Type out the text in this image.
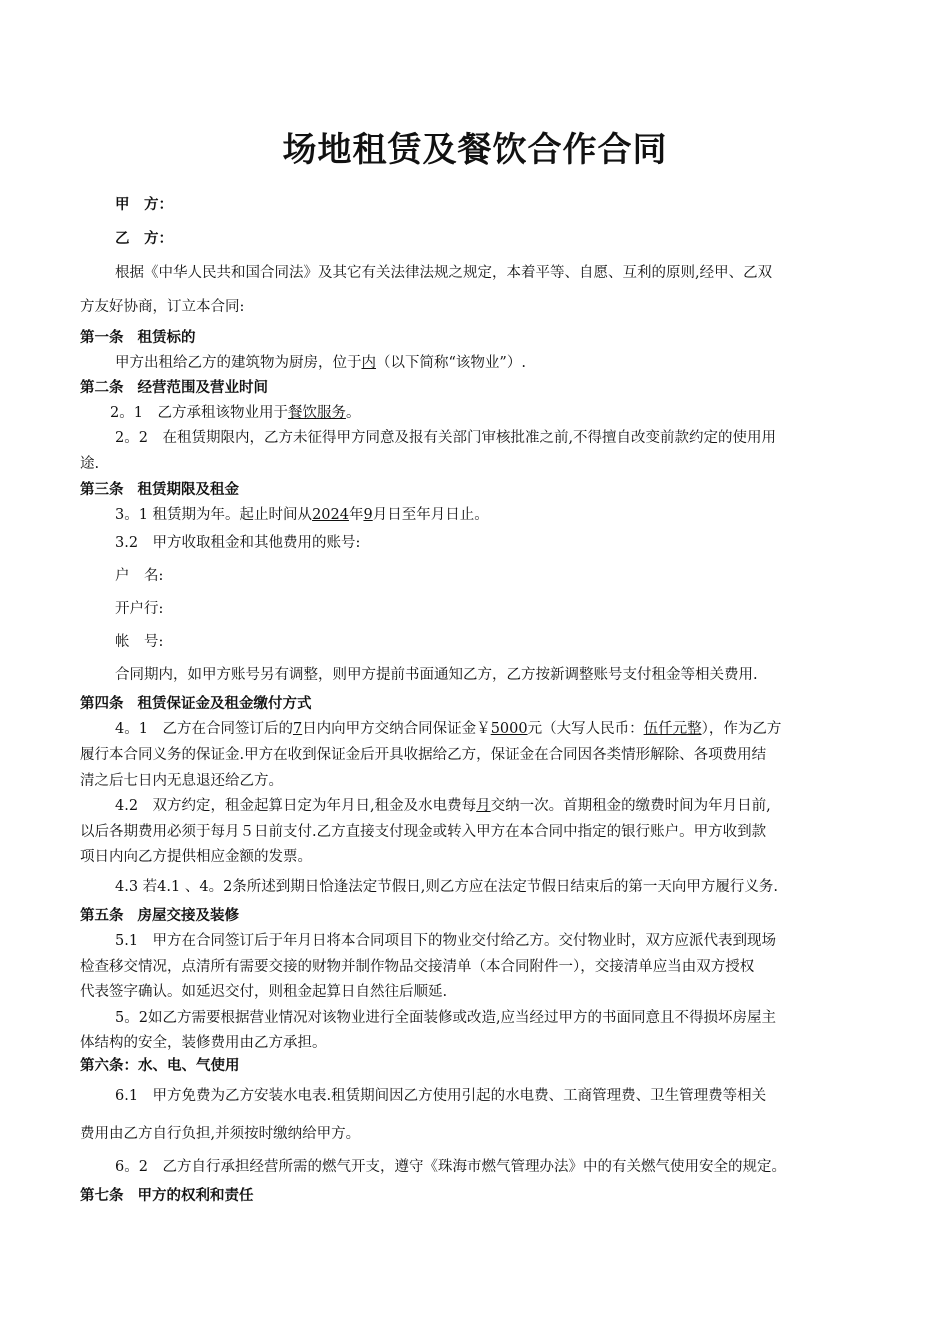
场地租赁及餐饮合作合同
甲　方：
乙　方：
根据《中华人民共和国合同法》及其它有关法律法规之规定，本着平等、自愿、互利的原则,经甲、乙双
方友好协商，订立本合同:
第一条 租赁标的
甲方出租给乙方的建筑物为厨房，位于内（以下简称“该物业”）.
第二条 经营范围及营业时间
2。1　乙方承租该物业用于餐饮服务。
2。2　在租赁期限内，乙方未征得甲方同意及报有关部门审核批准之前,不得擅自改变前款约定的使用用
途.
第三条 租赁期限及租金
3。1 租赁期为年。起止时间从2024年9月日至年月日止。
3.2　甲方收取租金和其他费用的账号:
户　名:
开户行:
帐　号:
合同期内，如甲方账号另有调整，则甲方提前书面通知乙方，乙方按新调整账号支付租金等相关费用.
第四条 租赁保证金及租金缴付方式
4。1　乙方在合同签订后的7日内向甲方交纳合同保证金￥5000元（大写人民币：伍仟元整），作为乙方
履行本合同义务的保证金.甲方在收到保证金后开具收据给乙方，保证金在合同因各类情形解除、各项费用结
清之后七日内无息退还给乙方。
4.2　双方约定，租金起算日定为年月日,租金及水电费每月交纳一次。首期租金的缴费时间为年月日前,
以后各期费用必须于每月５日前支付.乙方直接支付现金或转入甲方在本合同中指定的银行账户。甲方收到款
项日内向乙方提供相应金额的发票。
4.3 若4.1 、4。2条所述到期日恰逢法定节假日,则乙方应在法定节假日结束后的第一天向甲方履行义务.
第五条 房屋交接及装修
5.1　甲方在合同签订后于年月日将本合同项目下的物业交付给乙方。交付物业时，双方应派代表到现场
检查移交情况，点清所有需要交接的财物并制作物品交接清单（本合同附件一），交接清单应当由双方授权
代表签字确认。如延迟交付，则租金起算日自然往后顺延.
5。2如乙方需要根据营业情况对该物业进行全面装修或改造,应当经过甲方的书面同意且不得损坏房屋主
体结构的安全，装修费用由乙方承担。
第六条：水、电、气使用
6.1　甲方免费为乙方安装水电表.租赁期间因乙方使用引起的水电费、工商管理费、卫生管理费等相关
费用由乙方自行负担,并须按时缴纳给甲方。
6。2　乙方自行承担经营所需的燃气开支，遵守《珠海市燃气管理办法》中的有关燃气使用安全的规定。
第七条 甲方的权利和责任
